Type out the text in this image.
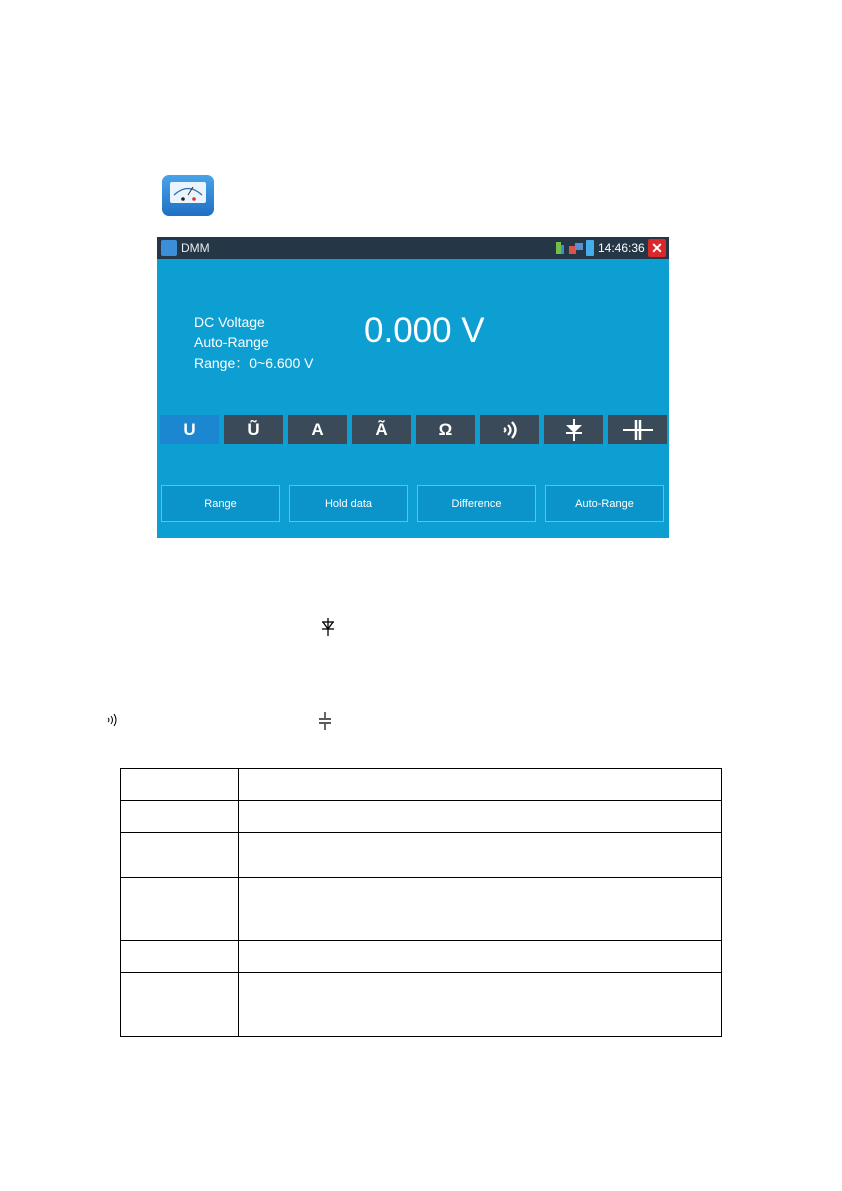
DMM	14:46:36 ✕
DC Voltage
Auto-Range
Range：0~6.600 V
0.000 V
U	Ũ	A	Ã	Ω
Range	Hold data	Difference	Auto-Range
